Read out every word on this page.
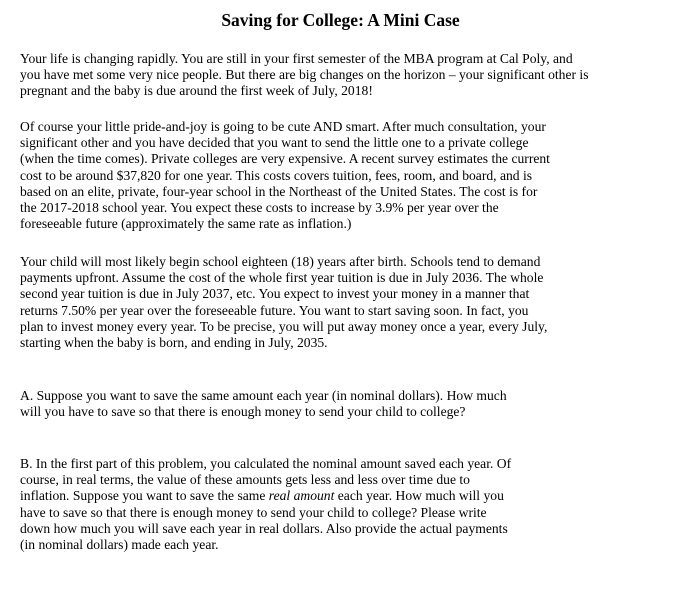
Saving for College: A Mini Case

Your life is changing rapidly. You are still in your first semester of the MBA program at Cal Poly, and
you have met some very nice people. But there are big changes on the horizon – your significant other is
pregnant and the baby is due around the first week of July, 2018!

Of course your little pride-and-joy is going to be cute AND smart. After much consultation, your
significant other and you have decided that you want to send the little one to a private college
(when the time comes). Private colleges are very expensive. A recent survey estimates the current
cost to be around $37,820 for one year. This costs covers tuition, fees, room, and board, and is
based on an elite, private, four-year school in the Northeast of the United States. The cost is for
the 2017-2018 school year. You expect these costs to increase by 3.9% per year over the
foreseeable future (approximately the same rate as inflation.)

Your child will most likely begin school eighteen (18) years after birth. Schools tend to demand
payments upfront. Assume the cost of the whole first year tuition is due in July 2036. The whole
second year tuition is due in July 2037, etc. You expect to invest your money in a manner that
returns 7.50% per year over the foreseeable future. You want to start saving soon. In fact, you
plan to invest money every year. To be precise, you will put away money once a year, every July,
starting when the baby is born, and ending in July, 2035.

A. Suppose you want to save the same amount each year (in nominal dollars). How much
will you have to save so that there is enough money to send your child to college?

B. In the first part of this problem, you calculated the nominal amount saved each year. Of
course, in real terms, the value of these amounts gets less and less over time due to
inflation. Suppose you want to save the same real amount each year. How much will you
have to save so that there is enough money to send your child to college? Please write
down how much you will save each year in real dollars. Also provide the actual payments
(in nominal dollars) made each year.
